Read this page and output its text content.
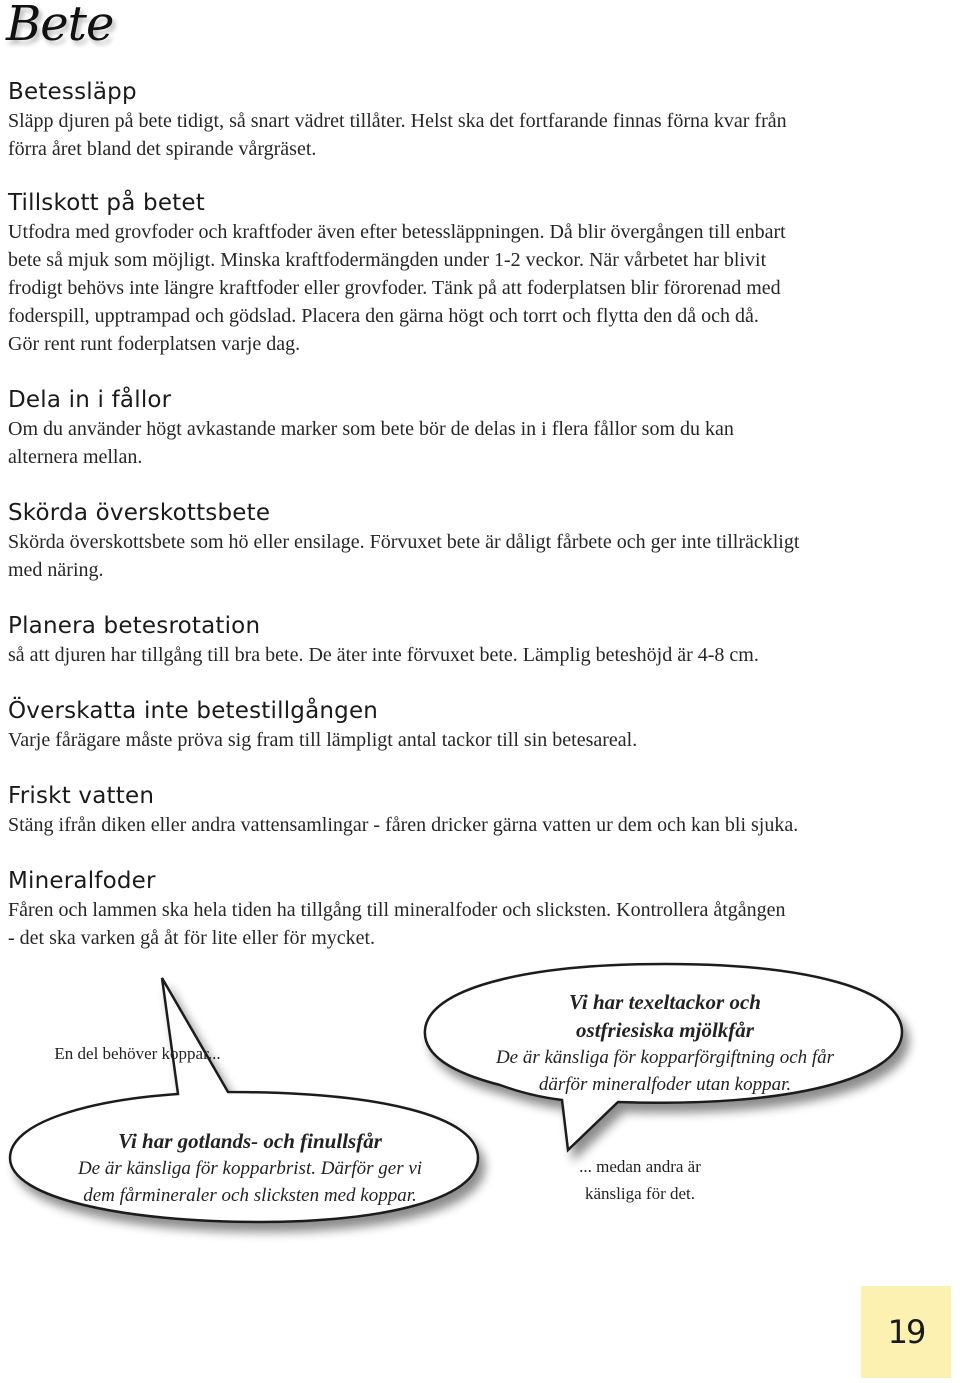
Bete
Betessläpp

Släpp djuren på bete tidigt, så snart vädret tillåter. Helst ska det fortfarande finnas förna kvar från
förra året bland det spirande vårgräset.

Tillskott på betet

Utfodra med grovfoder och kraftfoder även efter betessläppningen. Då blir övergången till enbart
bete så mjuk som möjligt. Minska kraftfodermängden under 1-2 veckor. När vårbetet har blivit
frodigt behövs inte längre kraftfoder eller grovfoder. Tänk på att foderplatsen blir förorenad med
foderspill, upptrampad och gödslad. Placera den gärna högt och torrt och flytta den då och då.
Gör rent runt foderplatsen varje dag.

Dela in i fållor

Om du använder högt avkastande marker som bete bör de delas in i flera fållor som du kan
alternera mellan.

Skörda överskottsbete

Skörda överskottsbete som hö eller ensilage. Förvuxet bete är dåligt fårbete och ger inte tillräckligt
med näring.

Planera betesrotation

så att djuren har tillgång till bra bete. De äter inte förvuxet bete. Lämplig beteshöjd är 4-8 cm.

Överskatta inte betestillgången

Varje fårägare måste pröva sig fram till lämpligt antal tackor till sin betesareal.

Friskt vatten

Stäng ifrån diken eller andra vattensamlingar - fåren dricker gärna vatten ur dem och kan bli sjuka.

Mineralfoder

Fåren och lammen ska hela tiden ha tillgång till mineralfoder och slicksten. Kontrollera åtgången
- det ska varken gå åt för lite eller för mycket.

En del behöver koppar...
Vi har texeltackor och
ostfriesiska mjölkfår
De är känsliga för kopparförgiftning och får
därför mineralfoder utan koppar.
Vi har gotlands- och finullsfår
De är känsliga för kopparbrist. Därför ger vi
dem fårmineraler och slicksten med koppar.
... medan andra är
känsliga för det.
19
